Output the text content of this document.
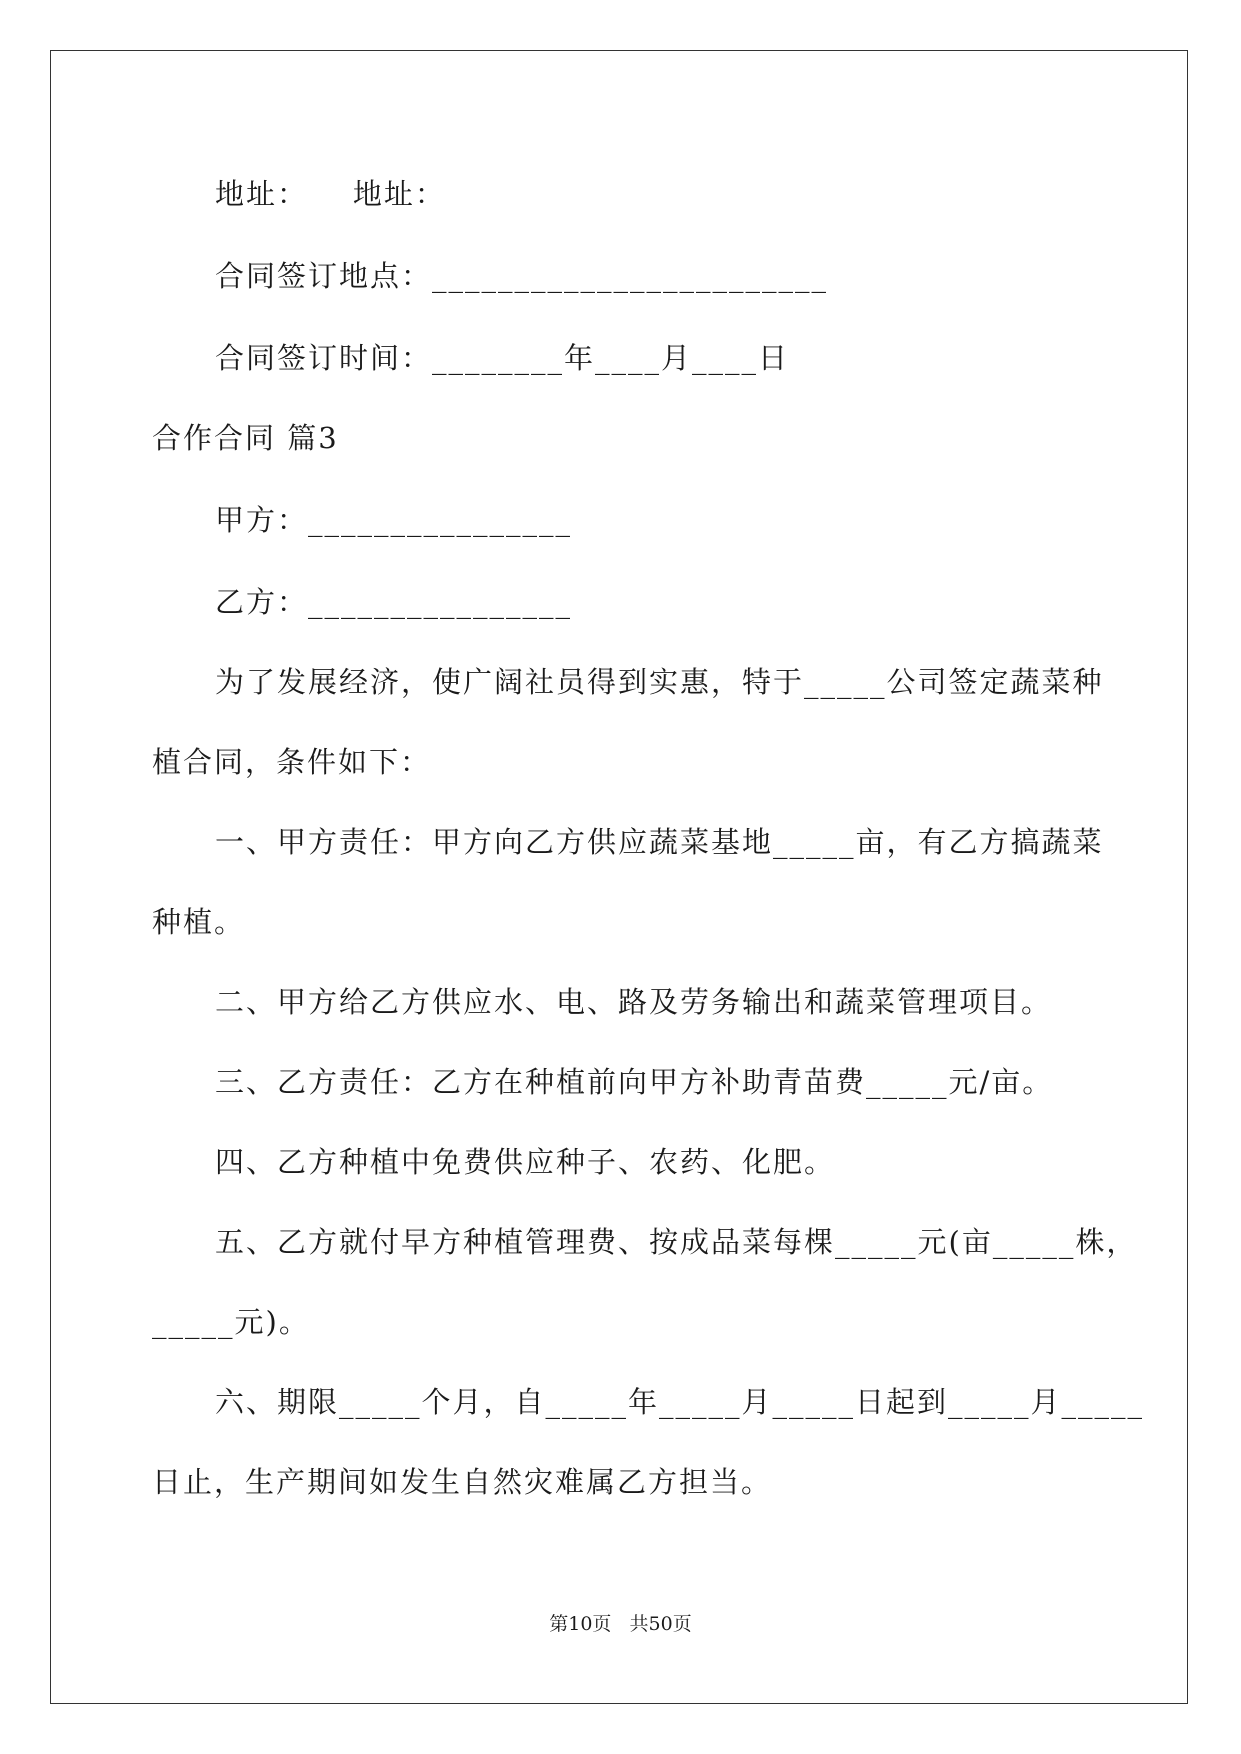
地址：    地址：
合同签订地点：________________________
合同签订时间：________年____月____日
合作合同 篇3
甲方：________________
乙方：________________
为了发展经济，使广阔社员得到实惠，特于_____公司签定蔬菜种
植合同，条件如下：
一、甲方责任：甲方向乙方供应蔬菜基地_____亩，有乙方搞蔬菜
种植。
二、甲方给乙方供应水、电、路及劳务输出和蔬菜管理项目。
三、乙方责任：乙方在种植前向甲方补助青苗费_____元/亩。
四、乙方种植中免费供应种子、农药、化肥。
五、乙方就付早方种植管理费、按成品菜每棵_____元(亩_____株，
_____元)。
六、期限_____个月，自_____年_____月_____日起到_____月_____
日止，生产期间如发生自然灾难属乙方担当。
第10页   共50页
